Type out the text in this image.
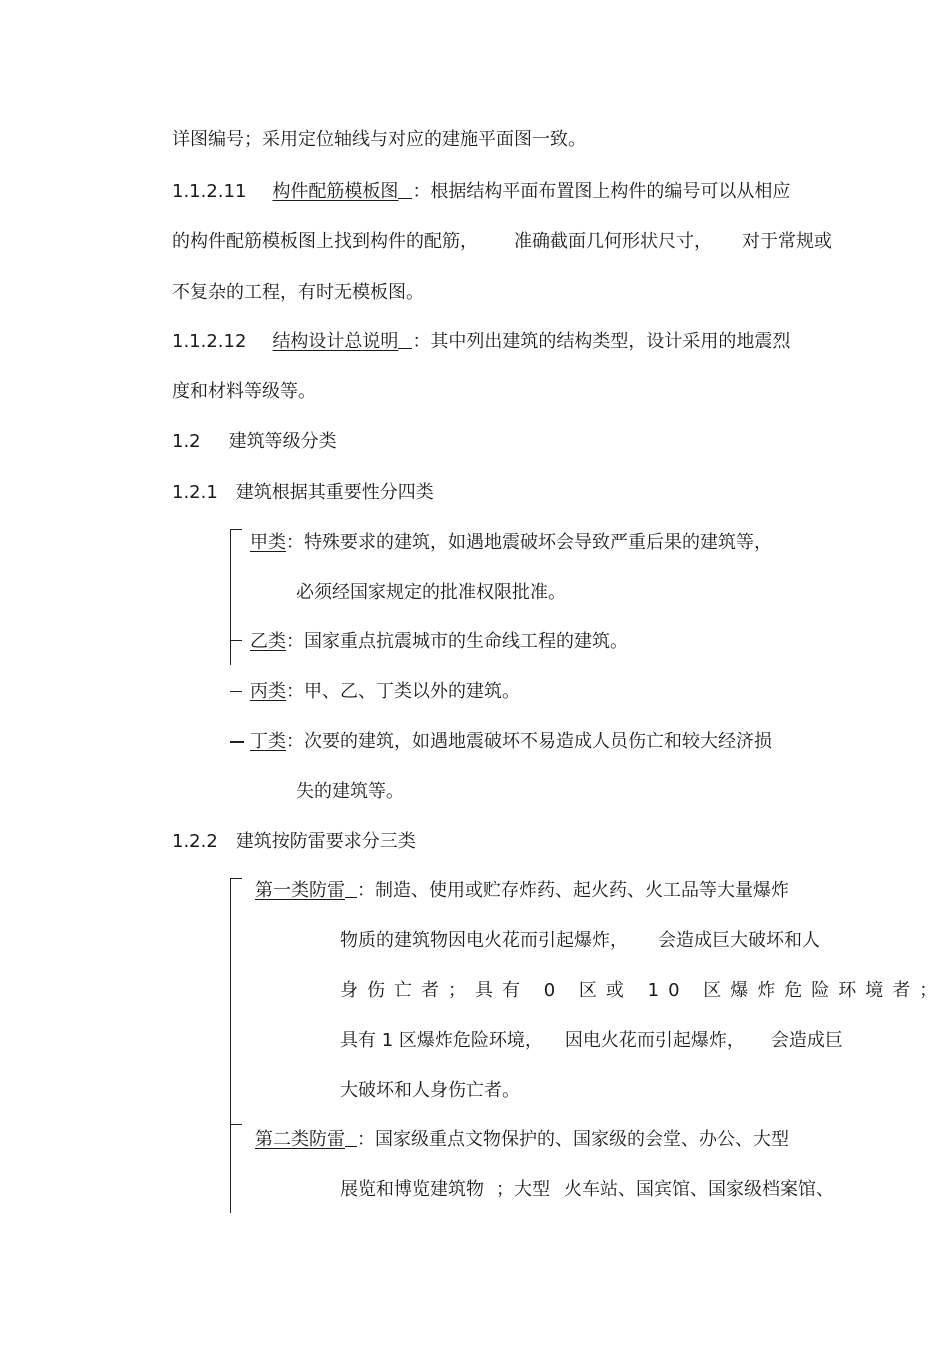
详图编号；采用定位轴线与对应的建施平面图一致。
1.1.2.11 构件配筋模板图 ：根据结构平面布置图上构件的编号可以从相应
的构件配筋模板图上找到构件的配筋， 准确截面几何形状尺寸， 对于常规或
不复杂的工程，有时无模板图。
1.1.2.12 结构设计总说明 ：其中列出建筑的结构类型，设计采用的地震烈
度和材料等级等。
1.2 建筑等级分类
1.2.1 建筑根据其重要性分四类
甲类：特殊要求的建筑，如遇地震破坏会导致严重后果的建筑等，
必须经国家规定的批准权限批准。
乙类：国家重点抗震城市的生命线工程的建筑。
丙类：甲、乙、丁类以外的建筑。
丁类：次要的建筑，如遇地震破坏不易造成人员伤亡和较大经济损
失的建筑等。
1.2.2 建筑按防雷要求分三类
第一类防雷 ：制造、使用或贮存炸药、起火药、火工品等大量爆炸
物质的建筑物因电火花而引起爆炸， 会造成巨大破坏和人
身伤亡者；具有 0 区或 10 区爆炸危险环境者；
具有 1 区爆炸危险环境， 因电火花而引起爆炸， 会造成巨
大破坏和人身伤亡者。
第二类防雷 ：国家级重点文物保护的、国家级的会堂、办公、大型
展览和博览建筑物 ；大型 火车站、国宾馆、国家级档案馆、
